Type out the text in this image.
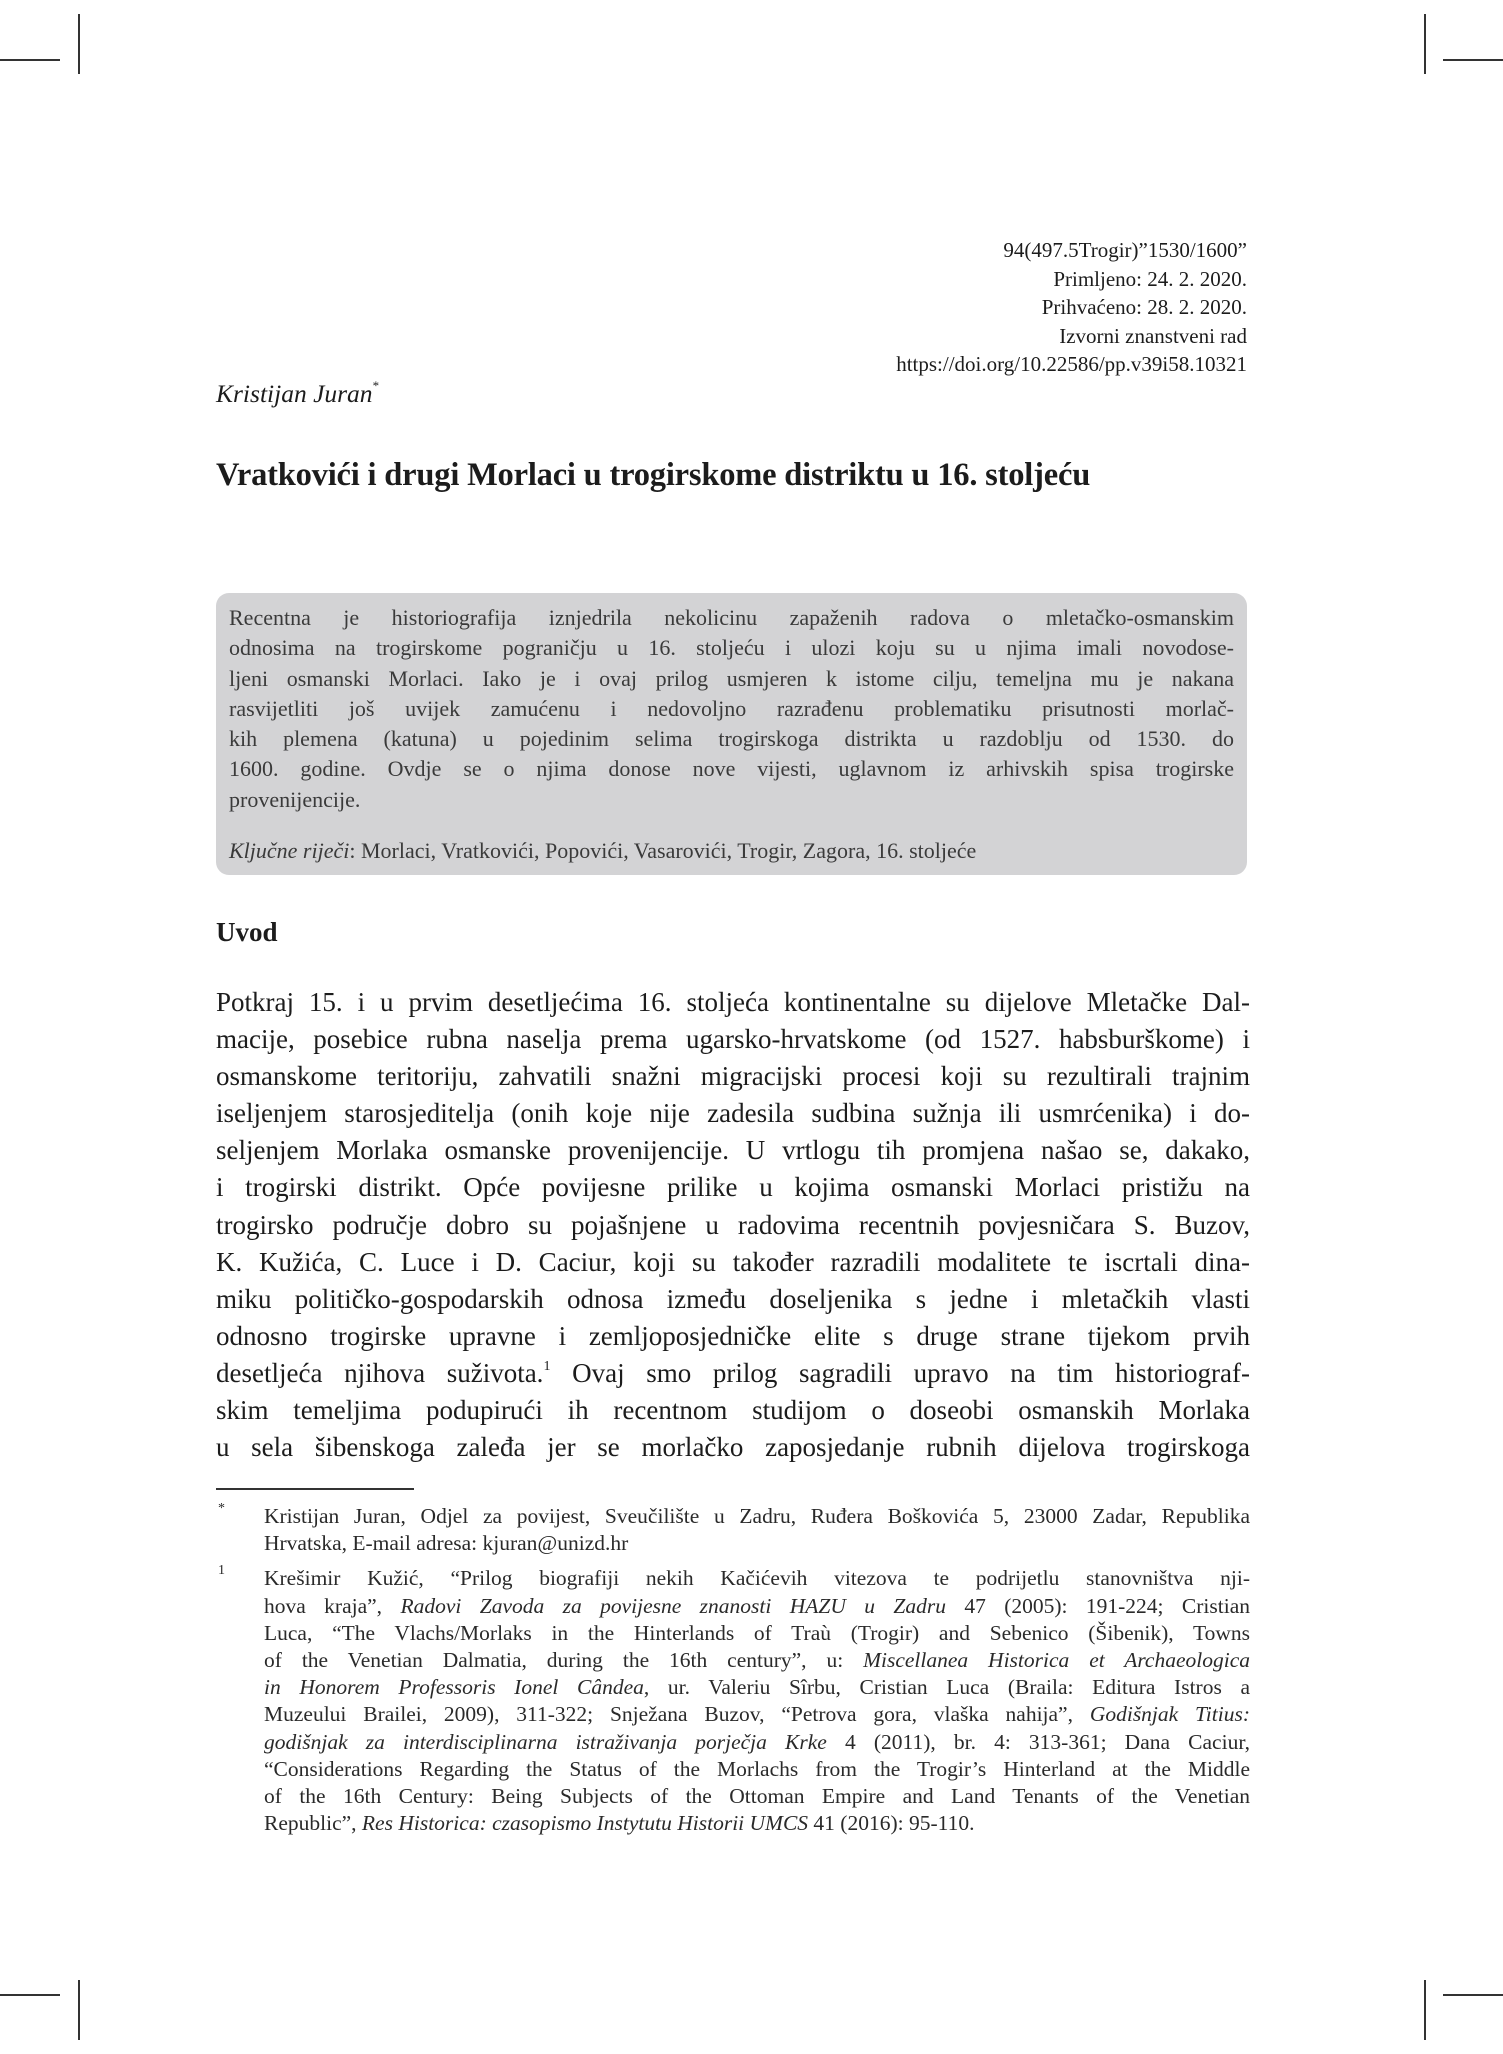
94(497.5Trogir)”1530/1600”
Primljeno: 24. 2. 2020.
Prihvaćeno: 28. 2. 2020.
Izvorni znanstveni rad
https://doi.org/10.22586/pp.v39i58.10321
Kristijan Juran*
Vratkovići i drugi Morlaci u trogirskome distriktu u 16. stoljeću
Recentna je historiografija iznjedrila nekolicinu zapaženih radova o mletačko-osmanskim
odnosima na trogirskome pograničju u 16. stoljeću i ulozi koju su u njima imali novodose-
ljeni osmanski Morlaci. Iako je i ovaj prilog usmjeren k istome cilju, temeljna mu je nakana
rasvijetliti još uvijek zamućenu i nedovoljno razrađenu problematiku prisutnosti morlač-
kih plemena (katuna) u pojedinim selima trogirskoga distrikta u razdoblju od 1530. do
1600. godine. Ovdje se o njima donose nove vijesti, uglavnom iz arhivskih spisa trogirske
provenijencije.
Ključne riječi: Morlaci, Vratkovići, Popovići, Vasarovići, Trogir, Zagora, 16. stoljeće
Uvod
Potkraj 15. i u prvim desetljećima 16. stoljeća kontinentalne su dijelove Mletačke Dal-
macije, posebice rubna naselja prema ugarsko-hrvatskome (od 1527. habsburškome) i
osmanskome teritoriju, zahvatili snažni migracijski procesi koji su rezultirali trajnim
iseljenjem starosjeditelja (onih koje nije zadesila sudbina sužnja ili usmrćenika) i do-
seljenjem Morlaka osmanske provenijencije. U vrtlogu tih promjena našao se, dakako,
i trogirski distrikt. Opće povijesne prilike u kojima osmanski Morlaci pristižu na
trogirsko područje dobro su pojašnjene u radovima recentnih povjesničara S. Buzov,
K. Kužića, C. Luce i D. Caciur, koji su također razradili modalitete te iscrtali dina-
miku političko-gospodarskih odnosa između doseljenika s jedne i mletačkih vlasti
odnosno trogirske upravne i zemljoposjedničke elite s druge strane tijekom prvih
desetljeća njihova suživota.$^1$ Ovaj smo prilog sagradili upravo na tim historiograf-
skim temeljima podupirući ih recentnom studijom o doseobi osmanskih Morlaka
u sela šibenskoga zaleđa jer se morlačko zaposjedanje rubnih dijelova trogirskoga
* Kristijan Juran, Odjel za povijest, Sveučilište u Zadru, Ruđera Boškovića 5, 23000 Zadar, Republika
Hrvatska, E-mail adresa: kjuran@unizd.hr
1 Krešimir Kužić, “Prilog biografiji nekih Kačićevih vitezova te podrijetlu stanovništva nji-
hova kraja”, Radovi Zavoda za povijesne znanosti HAZU u Zadru 47 (2005): 191-224; Cristian
Luca, “The Vlachs/Morlaks in the Hinterlands of Traù (Trogir) and Sebenico (Šibenik), Towns
of the Venetian Dalmatia, during the 16th century”, u: Miscellanea Historica et Archaeologica
in Honorem Professoris Ionel Cândea, ur. Valeriu Sîrbu, Cristian Luca (Braila: Editura Istros a
Muzeului Brailei, 2009), 311-322; Snježana Buzov, “Petrova gora, vlaška nahija”, Godišnjak Titius:
godišnjak za interdisciplinarna istraživanja porječja Krke 4 (2011), br. 4: 313-361; Dana Caciur,
“Considerations Regarding the Status of the Morlachs from the Trogir’s Hinterland at the Middle
of the 16th Century: Being Subjects of the Ottoman Empire and Land Tenants of the Venetian
Republic”, Res Historica: czasopismo Instytutu Historii UMCS 41 (2016): 95-110.
